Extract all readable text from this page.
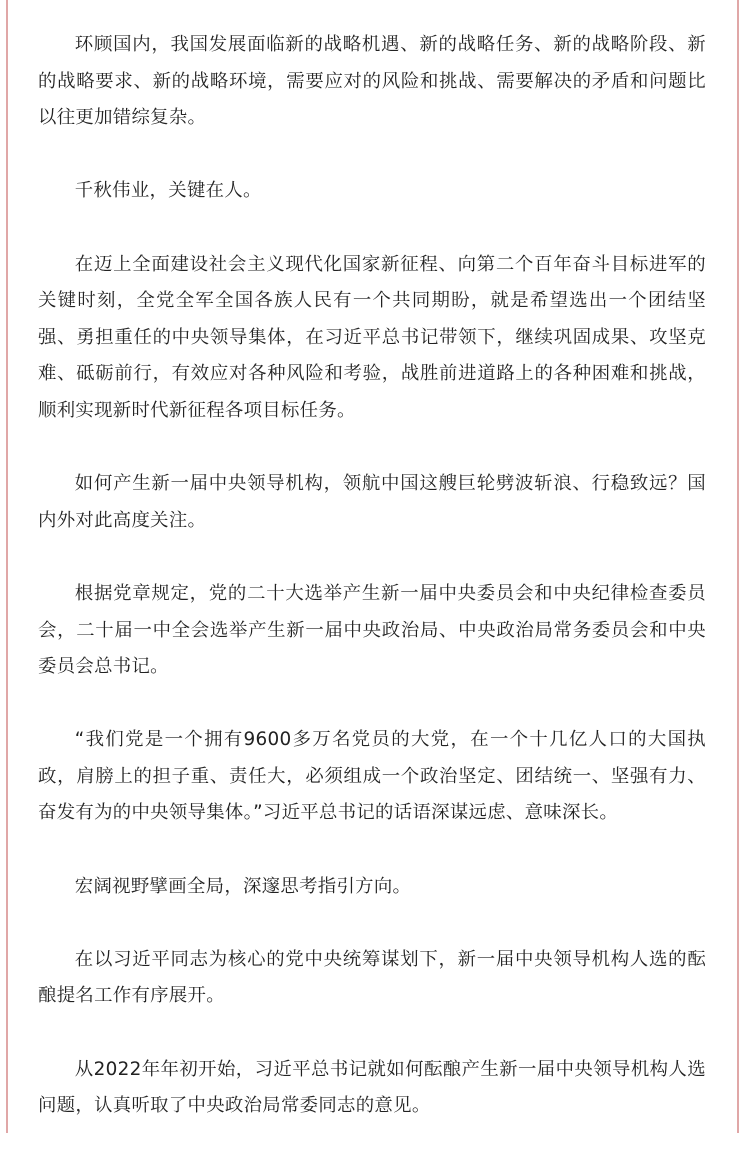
环顾国内，我国发展面临新的战略机遇、新的战略任务、新的战略阶段、新的战略要求、新的战略环境，需要应对的风险和挑战、需要解决的矛盾和问题比以往更加错综复杂。

千秋伟业，关键在人。

在迈上全面建设社会主义现代化国家新征程、向第二个百年奋斗目标进军的关键时刻，全党全军全国各族人民有一个共同期盼，就是希望选出一个团结坚强、勇担重任的中央领导集体，在习近平总书记带领下，继续巩固成果、攻坚克难、砥砺前行，有效应对各种风险和考验，战胜前进道路上的各种困难和挑战，顺利实现新时代新征程各项目标任务。

如何产生新一届中央领导机构，领航中国这艘巨轮劈波斩浪、行稳致远？国内外对此高度关注。

根据党章规定，党的二十大选举产生新一届中央委员会和中央纪律检查委员会，二十届一中全会选举产生新一届中央政治局、中央政治局常务委员会和中央委员会总书记。

“我们党是一个拥有9600多万名党员的大党，在一个十几亿人口的大国执政，肩膀上的担子重、责任大，必须组成一个政治坚定、团结统一、坚强有力、奋发有为的中央领导集体。”习近平总书记的话语深谋远虑、意味深长。

宏阔视野擘画全局，深邃思考指引方向。

在以习近平同志为核心的党中央统筹谋划下，新一届中央领导机构人选的酝酿提名工作有序展开。

从2022年年初开始，习近平总书记就如何酝酿产生新一届中央领导机构人选问题，认真听取了中央政治局常委同志的意见。
